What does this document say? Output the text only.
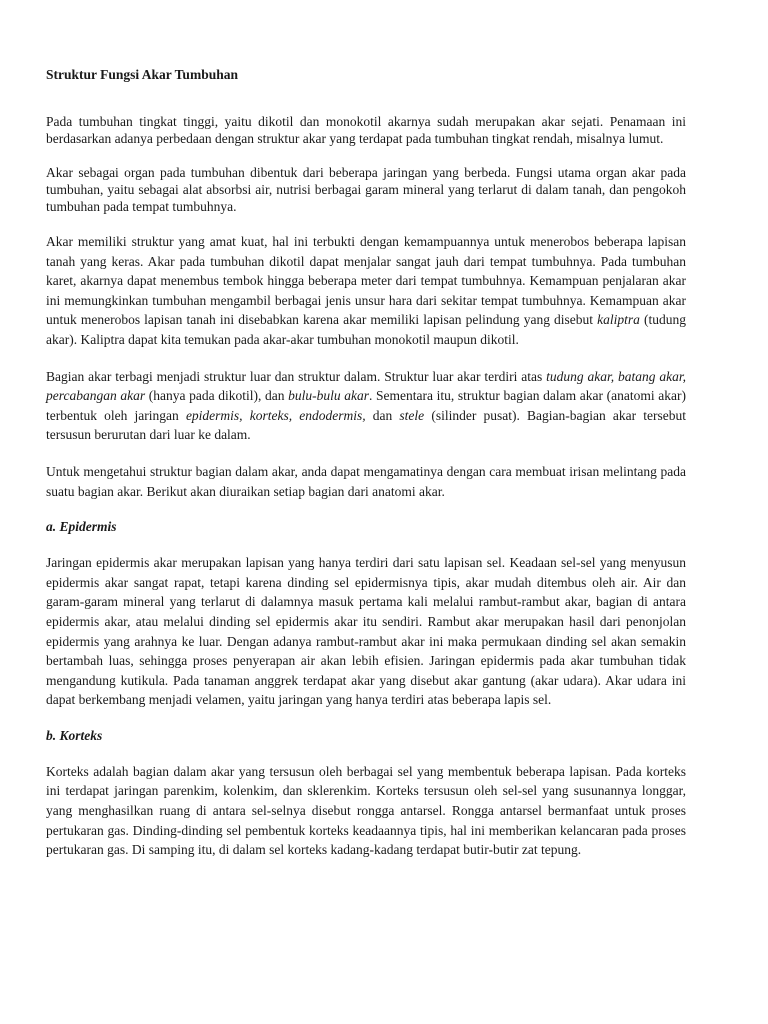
Struktur Fungsi Akar Tumbuhan

Pada tumbuhan tingkat tinggi, yaitu dikotil dan monokotil akarnya sudah merupakan akar sejati. Penamaan ini berdasarkan adanya perbedaan dengan struktur akar yang terdapat pada tumbuhan tingkat rendah, misalnya lumut.

Akar sebagai organ pada tumbuhan dibentuk dari beberapa jaringan yang berbeda. Fungsi utama organ akar pada tumbuhan, yaitu sebagai alat absorbsi air, nutrisi berbagai garam mineral yang terlarut di dalam tanah, dan pengokoh tumbuhan pada tempat tumbuhnya.

Akar memiliki struktur yang amat kuat, hal ini terbukti dengan kemampuannya untuk menerobos beberapa lapisan tanah yang keras. Akar pada tumbuhan dikotil dapat menjalar sangat jauh dari tempat tumbuhnya. Pada tumbuhan karet, akarnya dapat menembus tembok hingga beberapa meter dari tempat tumbuhnya. Kemampuan penjalaran akar ini memungkinkan tumbuhan mengambil berbagai jenis unsur hara dari sekitar tempat tumbuhnya. Kemampuan akar untuk menerobos lapisan tanah ini disebabkan karena akar memiliki lapisan pelindung yang disebut kaliptra (tudung akar). Kaliptra dapat kita temukan pada akar-akar tumbuhan monokotil maupun dikotil.

Bagian akar terbagi menjadi struktur luar dan struktur dalam. Struktur luar akar terdiri atas tudung akar, batang akar, percabangan akar (hanya pada dikotil), dan bulu-bulu akar. Sementara itu, struktur bagian dalam akar (anatomi akar) terbentuk oleh jaringan epidermis, korteks, endodermis, dan stele (silinder pusat). Bagian-bagian akar tersebut tersusun berurutan dari luar ke dalam.

Untuk mengetahui struktur bagian dalam akar, anda dapat mengamatinya dengan cara membuat irisan melintang pada suatu bagian akar. Berikut akan diuraikan setiap bagian dari anatomi akar.

a. Epidermis

Jaringan epidermis akar merupakan lapisan yang hanya terdiri dari satu lapisan sel. Keadaan sel-sel yang menyusun epidermis akar sangat rapat, tetapi karena dinding sel epidermisnya tipis, akar mudah ditembus oleh air. Air dan garam-garam mineral yang terlarut di dalamnya masuk pertama kali melalui rambut-rambut akar, bagian di antara epidermis akar, atau melalui dinding sel epidermis akar itu sendiri. Rambut akar merupakan hasil dari penonjolan epidermis yang arahnya ke luar. Dengan adanya rambut-rambut akar ini maka permukaan dinding sel akan semakin bertambah luas, sehingga proses penyerapan air akan lebih efisien. Jaringan epidermis pada akar tumbuhan tidak mengandung kutikula. Pada tanaman anggrek terdapat akar yang disebut akar gantung (akar udara). Akar udara ini dapat berkembang menjadi velamen, yaitu jaringan yang hanya terdiri atas beberapa lapis sel.

b. Korteks

Korteks adalah bagian dalam akar yang tersusun oleh berbagai sel yang membentuk beberapa lapisan. Pada korteks ini terdapat jaringan parenkim, kolenkim, dan sklerenkim. Korteks tersusun oleh sel-sel yang susunannya longgar, yang menghasilkan ruang di antara sel-selnya disebut rongga antarsel. Rongga antarsel bermanfaat untuk proses pertukaran gas. Dinding-dinding sel pembentuk korteks keadaannya tipis, hal ini memberikan kelancaran pada proses pertukaran gas. Di samping itu, di dalam sel korteks kadang-kadang terdapat butir-butir zat tepung.
